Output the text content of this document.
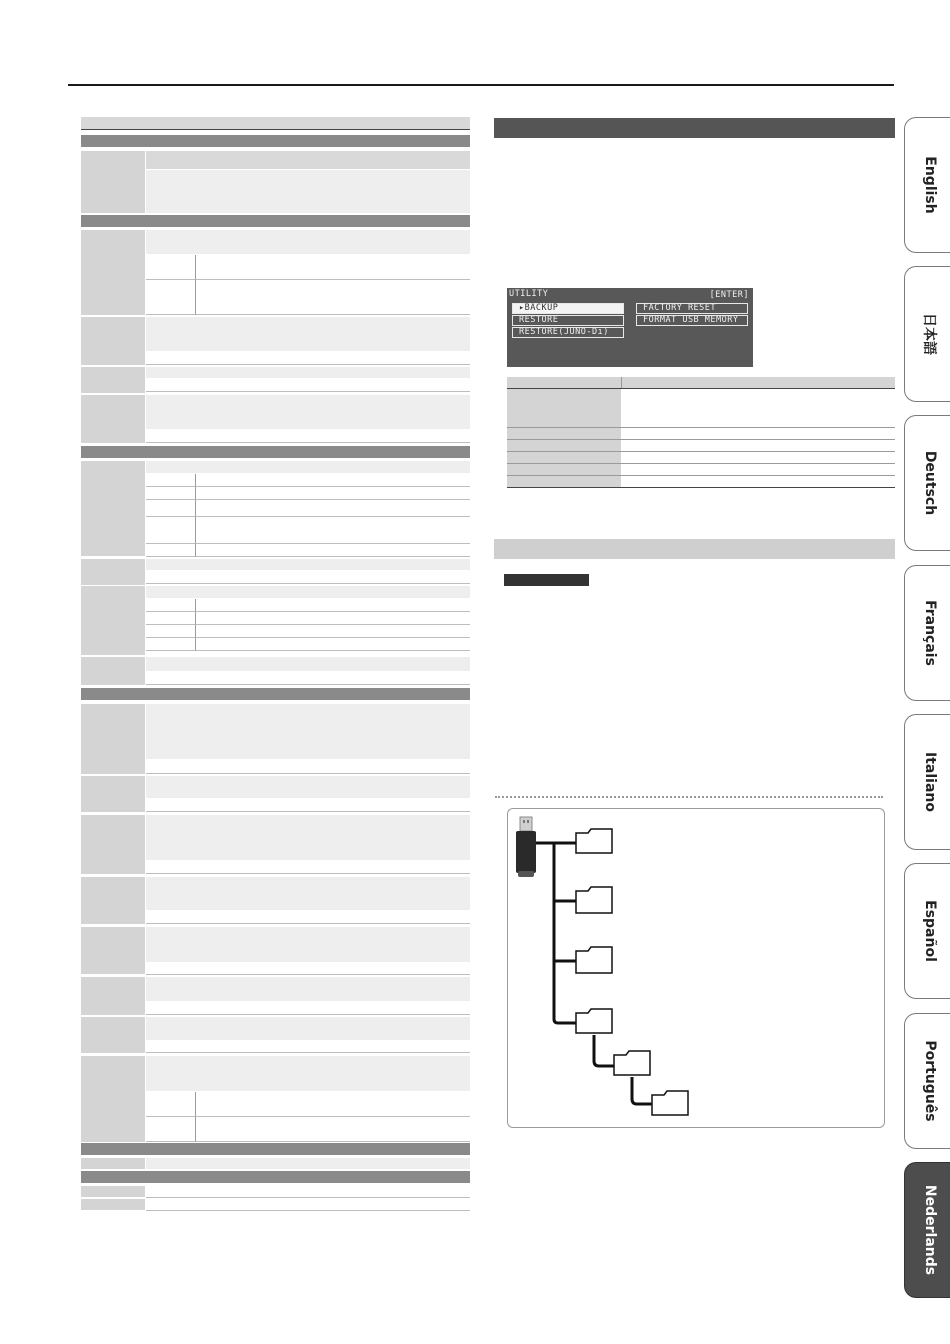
UTILITY	[ENTER]
▸BACKUP
RESTORE
RESTORE(JUNO-Di)
FACTORY RESET
FORMAT USB MEMORY
English
日本語
Deutsch
Français
Italiano
Español
Português
Nederlands
